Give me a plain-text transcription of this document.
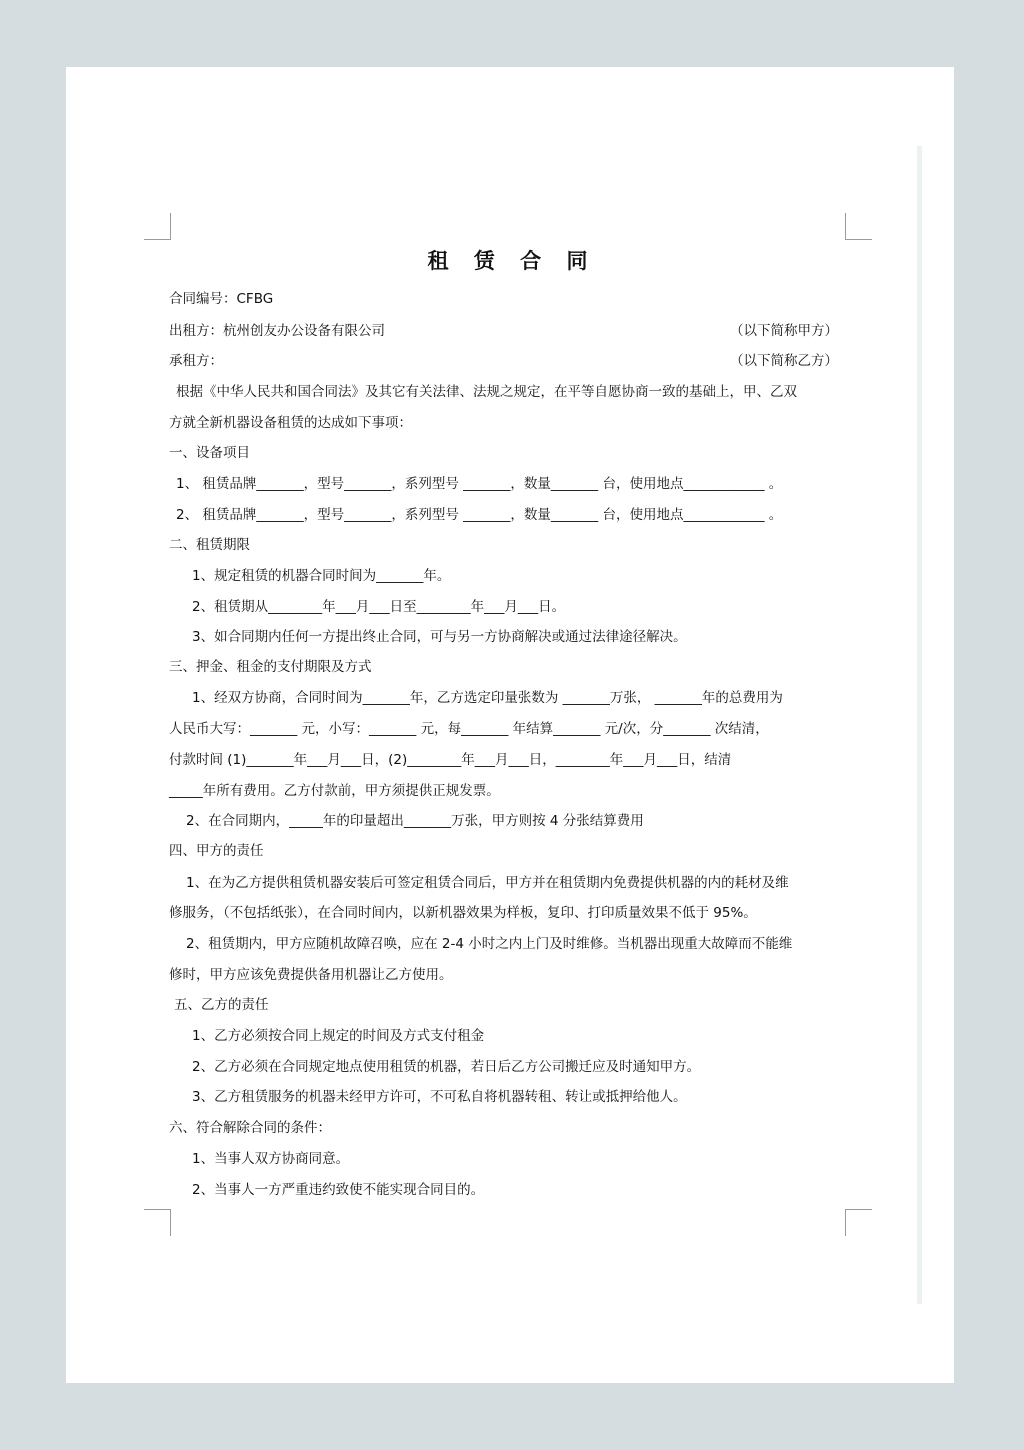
租 赁 合 同
合同编号：CFBG
出租方：杭州创友办公设备有限公司	（以下简称甲方）
承租方：	（以下简称乙方）
根据《中华人民共和国合同法》及其它有关法律、法规之规定，在平等自愿协商一致的基础上，甲、乙双
方就全新机器设备租赁的达成如下事项：
一、设备项目
1、 租赁品牌_______，型号_______，系列型号 _______，数量_______ 台，使用地点____________ 。
2、 租赁品牌_______，型号_______，系列型号 _______，数量_______ 台，使用地点____________ 。
二、租赁期限
1、规定租赁的机器合同时间为_______年。
2、租赁期从________年___月___日至________年___月___日。
3、如合同期内任何一方提出终止合同，可与另一方协商解决或通过法律途径解决。
三、押金、租金的支付期限及方式
1、经双方协商，合同时间为_______年，乙方选定印量张数为 _______万张， _______年的总费用为
人民币大写：_______ 元，小写：_______ 元，每_______ 年结算_______ 元/次，分_______ 次结清，
付款时间 (1)_______年___月___日，(2)________年___月___日，________年___月___日，结清
_____年所有费用。乙方付款前，甲方须提供正规发票。
2、在合同期内，_____年的印量超出_______万张，甲方则按 4 分张结算费用
四、甲方的责任
1、在为乙方提供租赁机器安装后可签定租赁合同后，甲方并在租赁期内免费提供机器的内的耗材及维
修服务，（不包括纸张），在合同时间内，以新机器效果为样板，复印、打印质量效果不低于 95%。
2、租赁期内，甲方应随机故障召唤，应在 2-4 小时之内上门及时维修。当机器出现重大故障而不能维
修时，甲方应该免费提供备用机器让乙方使用。
五、乙方的责任
1、乙方必须按合同上规定的时间及方式支付租金
2、乙方必须在合同规定地点使用租赁的机器，若日后乙方公司搬迁应及时通知甲方。
3、乙方租赁服务的机器未经甲方许可，不可私自将机器转租、转让或抵押给他人。
六、符合解除合同的条件：
1、当事人双方协商同意。
2、当事人一方严重违约致使不能实现合同目的。
